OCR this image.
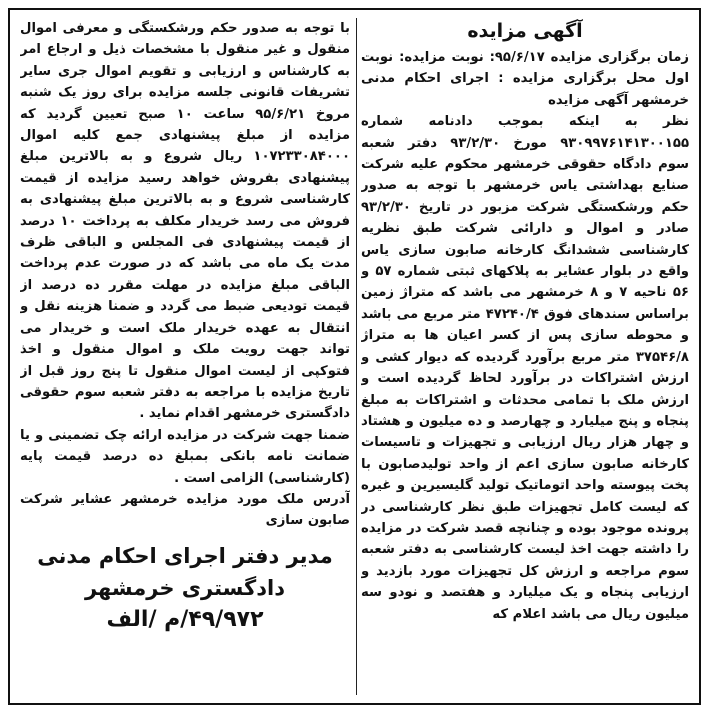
آگهی مزایده

زمان برگزاری مزایده ۹۵/۶/۱۷: نوبت مزایده: نوبت اول محل برگزاری مزایده : اجرای احکام مدنی خرمشهر آگهی مزایده

نظر به اینکه بموجب دادنامه شماره ۹۳۰۹۹۷۶۱۴۱۳۰۰۱۵۵ مورخ ۹۳/۲/۳۰ دفتر شعبه سوم دادگاه حقوقی خرمشهر محکوم علیه شرکت صنایع بهداشتی یاس خرمشهر با توجه به صدور حکم ورشکستگی شرکت مزبور در تاریخ ۹۳/۲/۳۰ صادر و اموال و دارائی شرکت طبق نظریه کارشناسی ششدانگ کارخانه صابون سازی یاس واقع در بلوار عشایر به پلاکهای ثبتی شماره ۵۷ و ۵۶ ناحیه ۷ و ۸ خرمشهر می باشد که متراژ زمین براساس سندهای فوق ۴۷۲۴۰/۴ متر مربع می باشد و محوطه سازی پس از کسر اعیان ها به متراژ ۳۷۵۴۶/۸ متر مربع برآورد گردیده که دیوار کشی و ارزش اشتراکات در برآورد لحاظ گردیده است و ارزش ملک با تمامی محدثات و اشتراکات به مبلغ پنجاه و پنج میلیارد و چهارصد و ده میلیون و هشتاد و چهار هزار ریال ارزیابی و تجهیزات و تاسیسات کارخانه صابون سازی اعم از واحد تولیدصابون با پخت پیوسته واحد اتوماتیک تولید گلیسیرین و غیره که لیست کامل تجهیزات طبق نظر کارشناسی در پرونده موجود بوده و چنانچه قصد شرکت در مزایده را داشته جهت اخذ لیست کارشناسی به دفتر شعبه سوم مراجعه و ارزش کل تجهیزات مورد بازدید و ارزیابی پنجاه و یک میلیارد و هفتصد و نودو سه میلیون ریال می باشد اعلام که

با توجه به صدور حکم ورشکستگی و معرفی اموال منقول و غیر منقول با مشخصات ذیل و ارجاع امر به کارشناس و ارزیابی و تقویم اموال جری سایر تشریفات قانونی جلسه مزایده برای روز یک شنبه مروخ ۹۵/۶/۲۱ ساعت ۱۰ صبح تعیین گردید که مزایده از مبلغ پیشنهادی جمع کلیه اموال ۱۰۷۲۳۳۰۸۴۰۰۰ ریال شروع و به بالاترین مبلغ پیشنهادی بفروش خواهد رسید مزایده از قیمت کارشناسی شروع و به بالاترین مبلغ پیشنهادی به فروش می رسد خریدار مکلف به پرداخت ۱۰ درصد از قیمت پیشنهادی فی المجلس و الباقی ظرف مدت یک ماه می باشد که در صورت عدم پرداخت الباقی مبلغ مزایده در مهلت مقرر ده درصد از قیمت تودیعی ضبط می گردد و ضمنا هزینه نقل و انتقال به عهده خریدار ملک است و خریدار می تواند جهت رویت ملک و اموال منقول و اخذ فتوکپی از لیست اموال منقول تا پنج روز قبل از تاریخ مزایده با مراجعه به دفتر شعبه سوم حقوقی دادگستری خرمشهر اقدام نماید .

ضمنا جهت شرکت در مزایده ارائه چک تضمینی و یا ضمانت نامه بانکی بمبلغ ده درصد قیمت پایه (کارشناسی) الزامی است .

آدرس ملک مورد مزایده خرمشهر عشایر شرکت صابون سازی

مدیر دفتر اجرای احکام مدنی
دادگستری خرمشهر
۴۹/۹۷۲/م /الف
